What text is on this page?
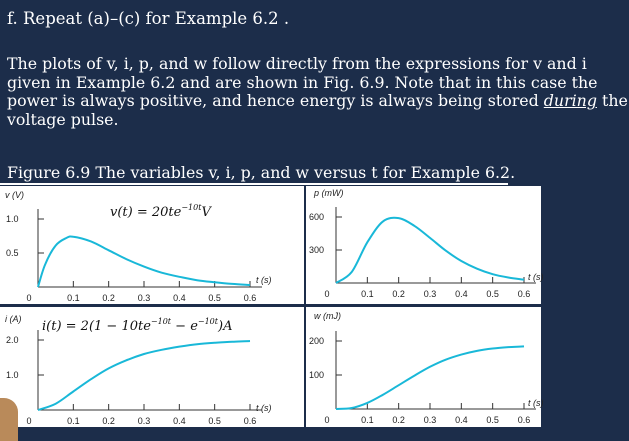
f. Repeat (a)–(c) for Example 6.2 .

The plots of v, i, p, and w follow directly from the expressions for v and i
given in Example 6.2 and are shown in Fig. 6.9. Note that in this case the
power is always positive, and hence energy is always being stored during the
voltage pulse.

Figure 6.9 The variables v, i, p, and w versus t for Example 6.2.

v (V)
t (s)
0	0.1	0.2	0.3	0.4	0.5	0.6
1.0
0.5
$v(t) = 20te^{-10t}V$
p (mW)
t (s)
0	0.1 0.2 0.3 0.4 0.5 0.6
600
300
i (A)
t (s)
0	0.1	0.2	0.3	0.4	0.5	0.6
2.0
1.0
$i(t) = 2(1 - 10te^{-10t} - e^{-10t})A$
w (mJ)
t (s)
0	0.1 0.2 0.3 0.4 0.5 0.6
200
100
